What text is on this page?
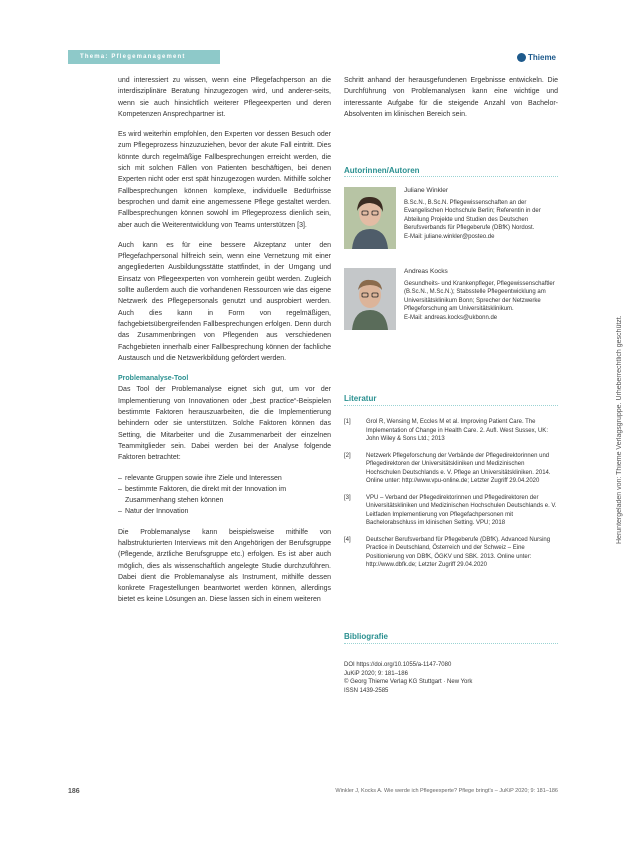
Thema: Pflegemanagement	Thieme

und interessiert zu wissen, wenn eine Pflegefachperson an die interdisziplinäre Beratung hinzugezogen wird, und anderer-seits, wenn sie auch hinsichtlich weiterer Pflegeexperten und deren Kompetenzen Ansprechpartner ist.

Es wird weiterhin empfohlen, den Experten vor dessen Besuch oder zum Pflegeprozess hinzuzuziehen, bevor der akute Fall eintritt. Dies könnte durch regelmäßige Fallbesprechungen erreicht werden, die sich mit solchen Fällen von Patienten beschäftigen, bei denen Experten nicht oder erst spät hinzugezogen wurden. Mithilfe solcher Fallbesprechungen können komplexe, individuelle Bedürfnisse besprochen und damit eine angemessene Pflege gestaltet werden. Fallbesprechungen können sowohl im Pflegeprozess dienlich sein, aber auch die Weiterentwicklung von Teams unterstützen [3].

Auch kann es für eine bessere Akzeptanz unter den Pflegefachpersonal hilfreich sein, wenn eine Vernetzung mit einer angegliederten Ausbildungsstätte stattfindet, in der Umgang und Einsatz von Pflegeexperten von vornherein geübt werden. Zugleich sollte außerdem auch die vorhandenen Ressourcen wie das eigene Netzwerk des Pflegepersonals genutzt und ausprobiert werden. Auch dies kann in Form von regelmäßigen, fachgebietsübergreifenden Fallbesprechungen erfolgen. Denn durch das Zusammenbringen von Pflegenden aus verschiedenen Fachgebieten innerhalb einer Fallbesprechung können der fachliche Austausch und die Netzwerkbildung gefördert werden.

Problemanalyse-Tool

Das Tool der Problemanalyse eignet sich gut, um vor der Implementierung von Innovationen oder „best practice“-Beispielen bestimmte Faktoren herauszuarbeiten, die die Implementierung behindern oder sie unterstützen. Solche Faktoren können das Setting, die Mitarbeiter und die Zusammenarbeit der einzelnen Teammitglieder sein. Dabei werden bei der Analyse folgende Faktoren betrachtet:

– relevante Gruppen sowie ihre Ziele und Interessen
– bestimmte Faktoren, die direkt mit der Innovation im Zusammenhang stehen können
– Natur der Innovation

Die Problemanalyse kann beispielsweise mithilfe von halbstrukturierten Interviews mit den Angehörigen der Berufsgruppe (Pflegende, ärztliche Berufsgruppe etc.) erfolgen. Es ist aber auch möglich, dies als wissenschaftlich angelegte Studie durchzuführen. Dabei dient die Problemanalyse als Instrument, mithilfe dessen konkrete Fragestellungen beantwortet werden können, allerdings bietet es keine Lösungen an. Diese lassen sich in einem weiteren

Schritt anhand der herausgefundenen Ergebnisse entwickeln. Die Durchführung von Problemanalysen kann eine wichtige und interessante Aufgabe für die steigende Anzahl von Bachelor-Absolventen im klinischen Bereich sein.

Autorinnen/Autoren
Juliane Winkler
B.Sc.N., B.Sc.N. Pflegewissenschaften an der Evangelischen Hochschule Berlin; Referentin in der Abteilung Projekte und Studien des Deutschen Berufsverbands für Pflegeberufe (DBfK) Nordost.
E-Mail: juliane.winkler@posteo.de
Andreas Kocks
Gesundheits- und Krankenpfleger, Pflegewissenschaftler (B.Sc.N., M.Sc.N.); Stabsstelle Pflegeentwicklung am Universitätsklinikum Bonn; Sprecher der Netzwerke Pflegeforschung am Universitätsklinikum.
E-Mail: andreas.kocks@ukbonn.de
Literatur
[1]	Grol R, Wensing M, Eccles M et al. Improving Patient Care. The Implementation of Change in Health Care. 2. Aufl. West Sussex, UK: John Wiley & Sons Ltd.; 2013
[2]	Netzwerk Pflegeforschung der Verbände der Pflegedirektorinnen und Pflegedirektoren der Universitätskliniken und Medizinischen Hochschulen Deutschlands e. V. Pflege an Universitätskliniken. 2014. Online unter: http://www.vpu-online.de; Letzter Zugriff 29.04.2020
[3]	VPU – Verband der Pflegedirektorinnen und Pflegedirektoren der Universitätskliniken und Medizinischen Hochschulen Deutschlands e. V. Leitfaden Implementierung von Pflegefachpersonen mit Bachelorabschluss im klinischen Setting. VPU; 2018
[4]	Deutscher Berufsverband für Pflegeberufe (DBfK). Advanced Nursing Practice in Deutschland, Österreich und der Schweiz – Eine Positionierung von DBfK, ÖGKV und SBK. 2013. Online unter: http://www.dbfk.de; Letzter Zugriff 29.04.2020
Bibliografie
DOI https://doi.org/10.1055/a-1147-7080
JuKiP 2020; 9: 181–186
© Georg Thieme Verlag KG Stuttgart · New York
ISSN 1439-2585
186	Winkler J, Kocks A. Wie werde ich Pflegeexperte? Pflege bringt's – JuKiP 2020; 9: 181–186
Heruntergeladen von: Thieme Verlagsgruppe. Urheberrechtlich geschützt.
